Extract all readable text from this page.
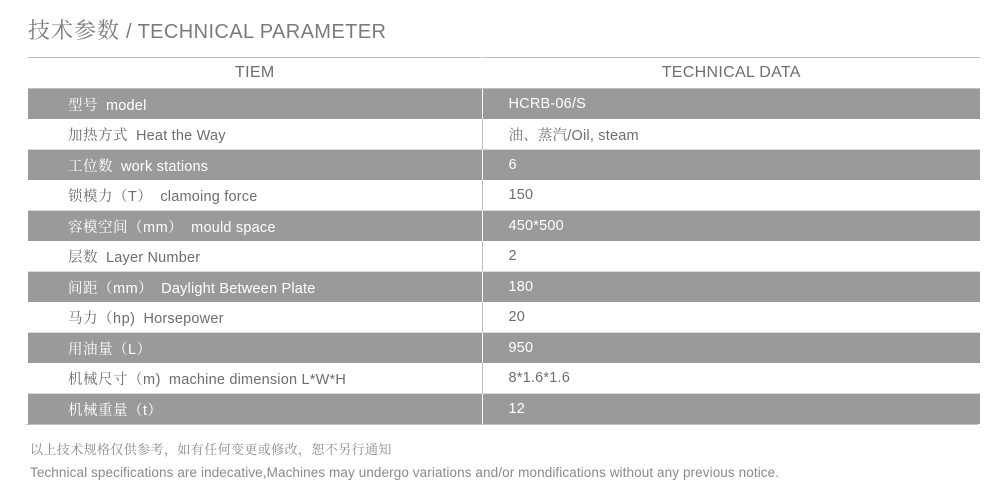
技术参数 / TECHNICAL PARAMETER
TIEM	TECHNICAL DATA
型号 model	HCRB-06/S
加热方式 Heat the Way	油、蒸汽/Oil, steam
工位数 work stations	6
锁模力（T） clamoing force	150
容模空间（mm） mould space	450*500
层数 Layer Number	2
间距（mm） Daylight Between Plate	180
马力（hp) Horsepower	20
用油量（L）	950
机械尺寸（m) machine dimension L*W*H	8*1.6*1.6
机械重量（t）	12
以上技术规格仅供参考，如有任何变更或修改，恕不另行通知
Technical specifications are indecative,Machines may undergo variations and/or mondifications without any previous notice.
